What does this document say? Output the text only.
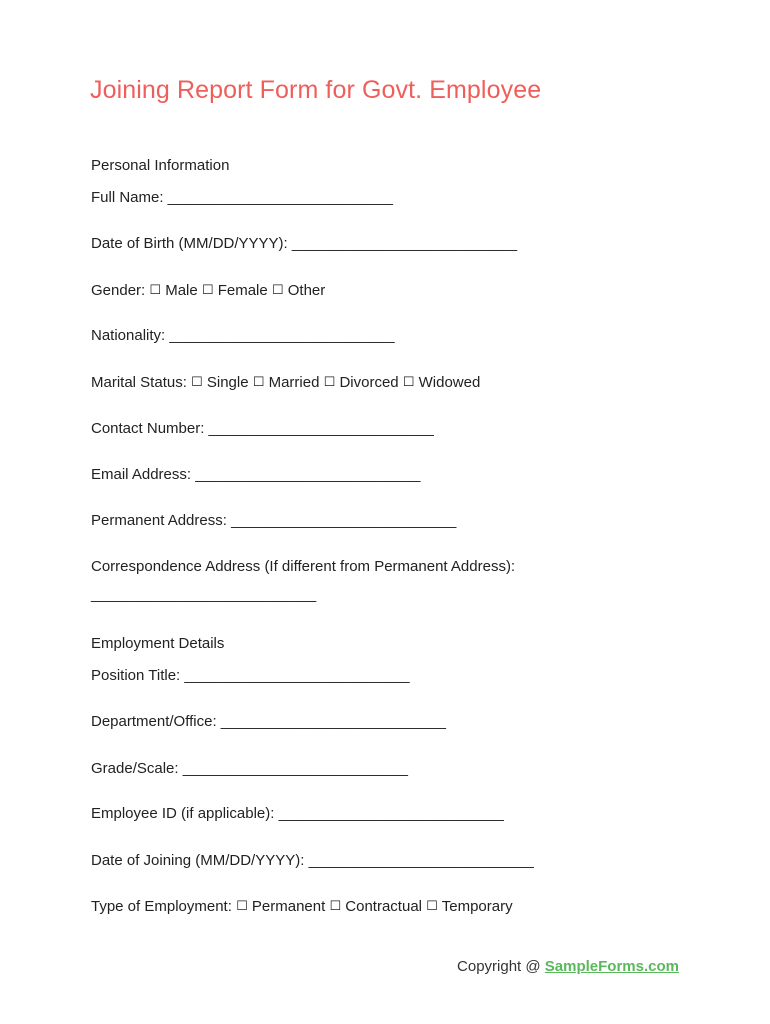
Joining Report Form for Govt. Employee
Personal Information
Full Name: ___________________________
Date of Birth (MM/DD/YYYY): ___________________________
Gender: ☐ Male ☐ Female ☐ Other
Nationality: ___________________________
Marital Status: ☐ Single ☐ Married ☐ Divorced ☐ Widowed
Contact Number: ___________________________
Email Address: ___________________________
Permanent Address: ___________________________
Correspondence Address (If different from Permanent Address):
___________________________
Employment Details
Position Title: ___________________________
Department/Office: ___________________________
Grade/Scale: ___________________________
Employee ID (if applicable): ___________________________
Date of Joining (MM/DD/YYYY): ___________________________
Type of Employment: ☐ Permanent ☐ Contractual ☐ Temporary
Copyright @ SampleForms.com
